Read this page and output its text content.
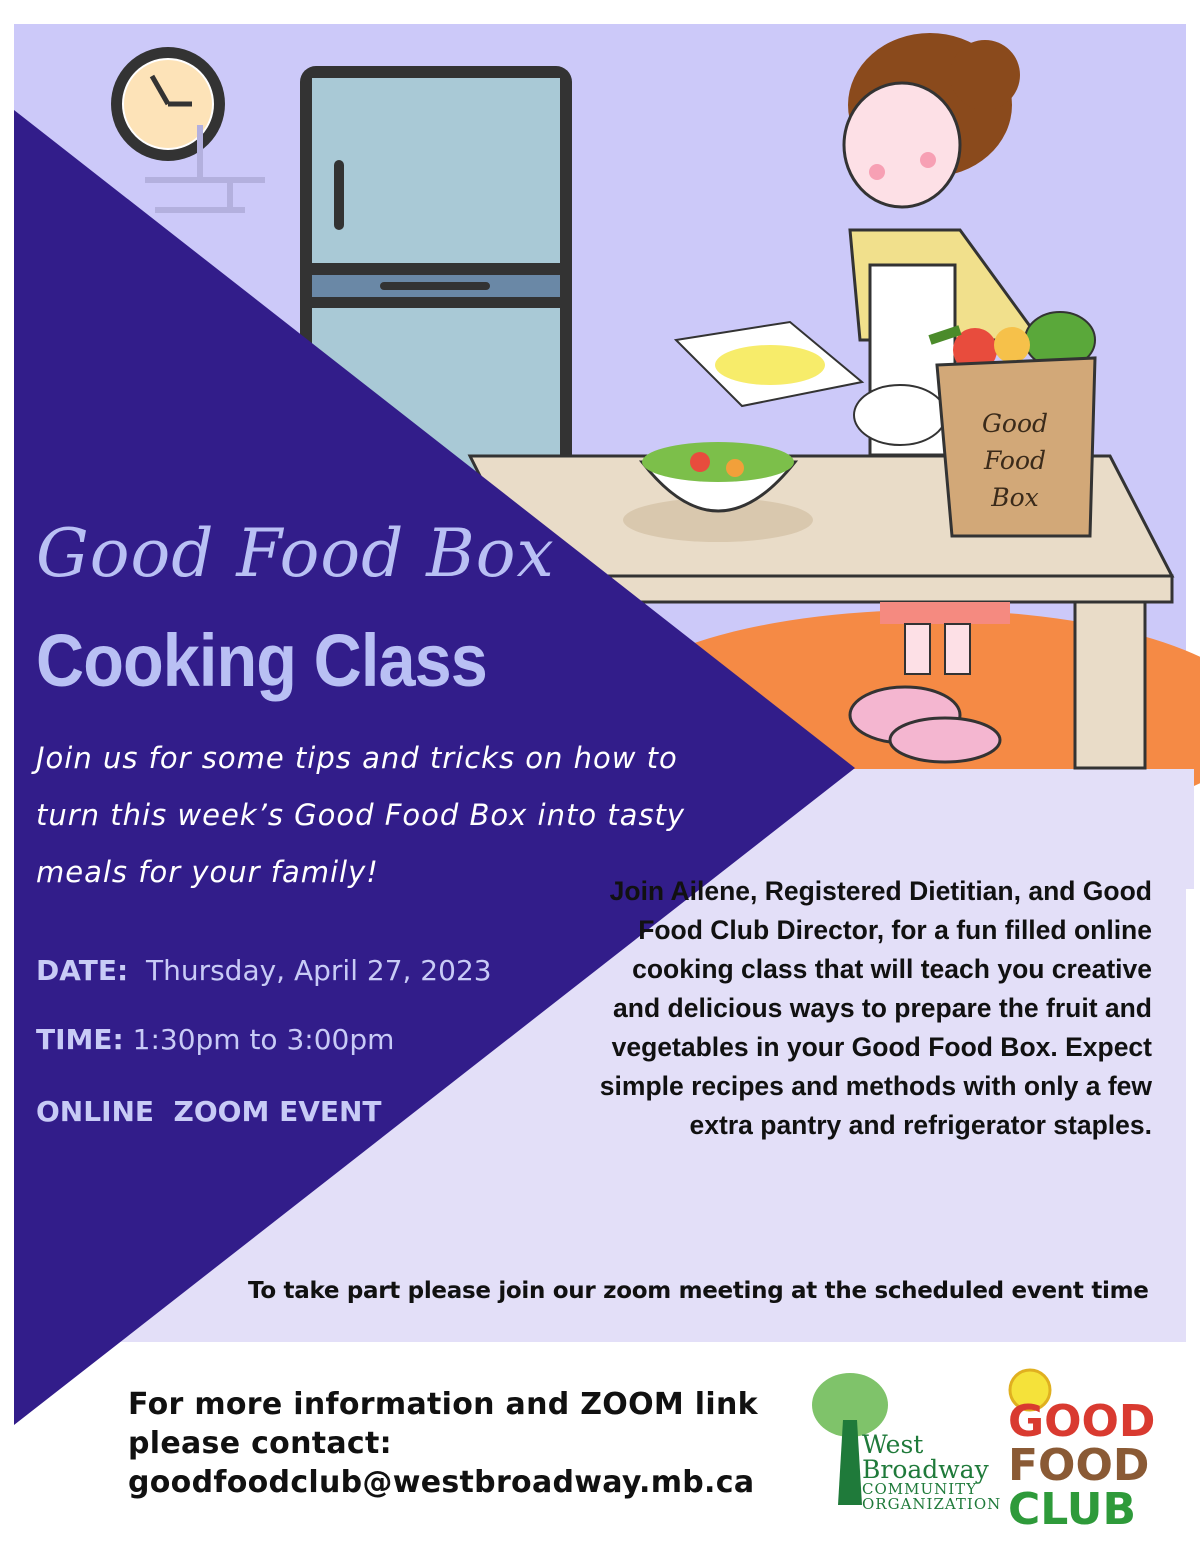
Good Food Box
Cooking Class

Join us for some tips and tricks on how to turn this week’s Good Food Box into tasty meals for your family!

DATE: Thursday, April 27, 2023
TIME: 1:30pm to 3:00pm
ONLINE  ZOOM EVENT
Good Food Box

Join Ailene, Registered Dietitian, and Good Food Club Director, for a fun filled online cooking class that will teach you creative and delicious ways to prepare the fruit and vegetables in your Good Food Box. Expect simple recipes and methods with only a few extra pantry and refrigerator staples.

To take part please join our zoom meeting at the scheduled event time
For more information and ZOOM link
please contact:
goodfoodclub@westbroadway.mb.ca
West
Broadway
COMMUNITY
ORGANIZATION
GOOD
FOOD
CLUB
